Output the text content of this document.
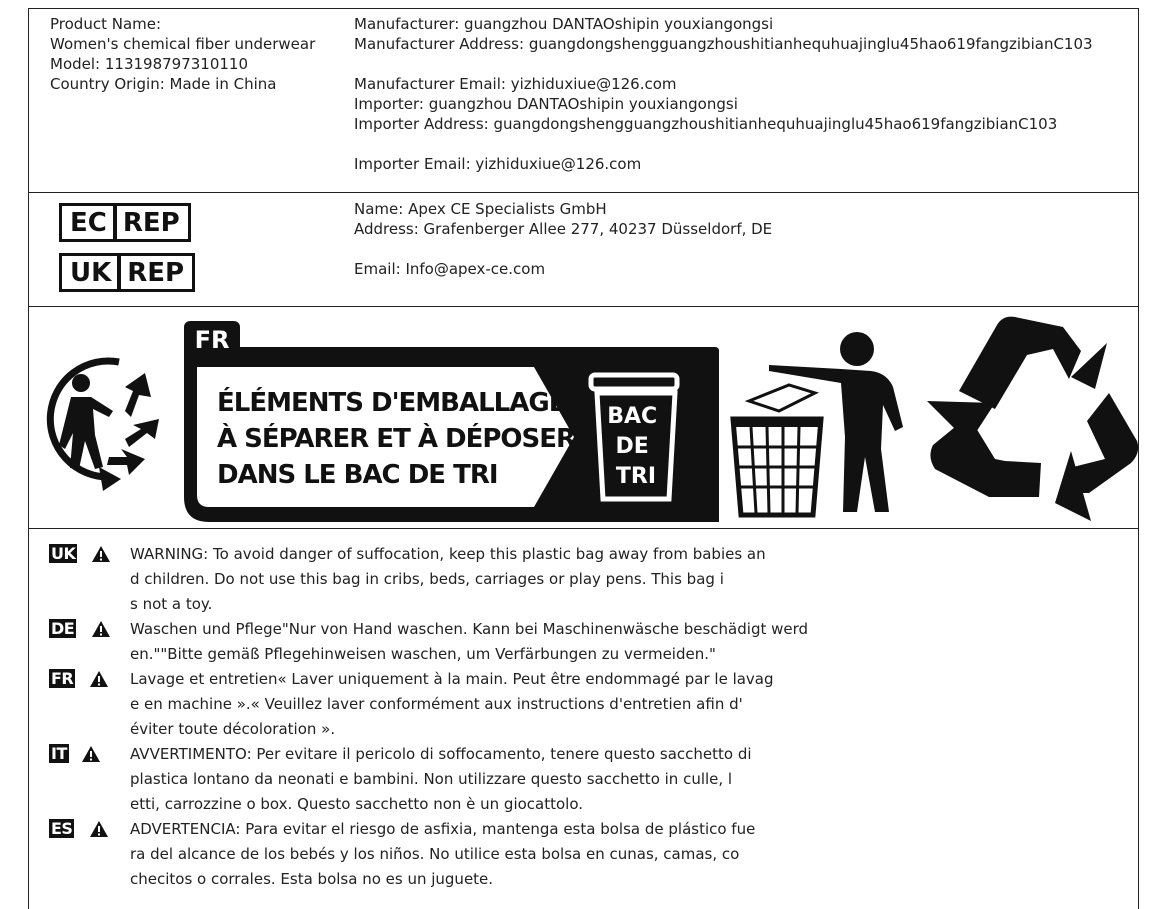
Product Name:
Women's chemical fiber underwear
Model: 113198797310110
Country Origin: Made in China
Manufacturer: guangzhou DANTAOshipin youxiangongsi
Manufacturer Address: guangdongshengguangzhoushitianhequhuajinglu45hao619fangzibianC103
Manufacturer Email: yizhiduxiue@126.com
Importer: guangzhou DANTAOshipin youxiangongsi
Importer Address: guangdongshengguangzhoushitianhequhuajinglu45hao619fangzibianC103
Importer Email: yizhiduxiue@126.com
EC REP
UK REP
Name: Apex CE Specialists GmbH
Address: Grafenberger Allee 277, 40237 Düsseldorf, DE
Email: Info@apex-ce.com
FR
ÉLÉMENTS D'EMBALLAGE À SÉPARER ET À DÉPOSER DANS LE BAC DE TRI
BAC DE TRI
UK	WARNING: To avoid danger of suffocation, keep this plastic bag away from babies an
d children. Do not use this bag in cribs, beds, carriages or play pens. This bag i
s not a toy.
DE	Waschen und Pflege"Nur von Hand waschen. Kann bei Maschinenwäsche beschädigt werd
en.""Bitte gemäß Pflegehinweisen waschen, um Verfärbungen zu vermeiden."
FR	Lavage et entretien« Laver uniquement à la main. Peut être endommagé par le lavag
e en machine ».« Veuillez laver conformément aux instructions d'entretien afin d'
éviter toute décoloration ».
IT	AVVERTIMENTO: Per evitare il pericolo di soffocamento, tenere questo sacchetto di
plastica lontano da neonati e bambini. Non utilizzare questo sacchetto in culle, l
etti, carrozzine o box. Questo sacchetto non è un giocattolo.
ES	ADVERTENCIA: Para evitar el riesgo de asfixia, mantenga esta bolsa de plástico fue
ra del alcance de los bebés y los niños. No utilice esta bolsa en cunas, camas, co
checitos o corrales. Esta bolsa no es un juguete.
